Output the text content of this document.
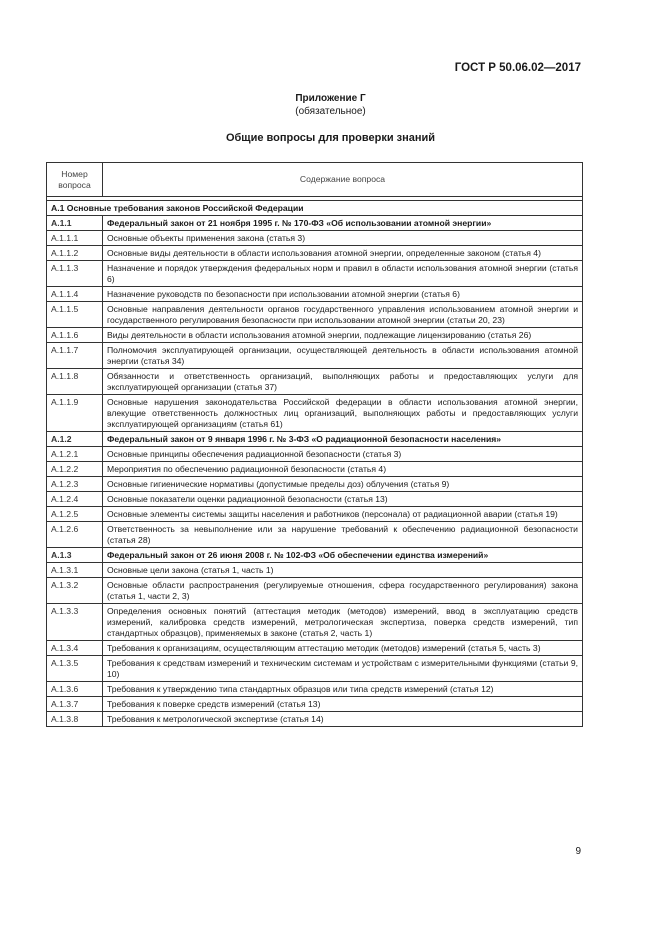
ГОСТ Р 50.06.02—2017
Приложение Г
(обязательное)
Общие вопросы для проверки знаний
Номер вопроса	Содержание вопроса

А.1 Основные требования законов Российской Федерации	
А.1.1	Федеральный закон от 21 ноября 1995 г. № 170-ФЗ «Об использовании атомной энергии»
А.1.1.1	Основные объекты применения закона (статья 3)
А.1.1.2	Основные виды деятельности в области использования атомной энергии, определенные законом (статья 4)
А.1.1.3	Назначение и порядок утверждения федеральных норм и правил в области использования атомной энергии (статья 6)
А.1.1.4	Назначение руководств по безопасности при использовании атомной энергии (статья 6)
А.1.1.5	Основные направления деятельности органов государственного управления использованием атомной энергии и государственного регулирования безопасности при использовании атомной энергии (статьи 20, 23)
А.1.1.6	Виды деятельности в области использования атомной энергии, подлежащие лицензированию (статья 26)
А.1.1.7	Полномочия эксплуатирующей организации, осуществляющей деятельность в области использования атомной энергии (статья 34)
А.1.1.8	Обязанности и ответственность организаций, выполняющих работы и предоставляющих услуги для эксплуатирующей организации (статья 37)
А.1.1.9	Основные нарушения законодательства Российской федерации в области использования атомной энергии, влекущие ответственность должностных лиц организаций, выполняющих работы и предоставляющих услуги эксплуатирующей организациям (статья 61)
А.1.2	Федеральный закон от 9 января 1996 г. № 3-ФЗ «О радиационной безопасности населения»
А.1.2.1	Основные принципы обеспечения радиационной безопасности (статья 3)
А.1.2.2	Мероприятия по обеспечению радиационной безопасности (статья 4)
А.1.2.3	Основные гигиенические нормативы (допустимые пределы доз) облучения (статья 9)
А.1.2.4	Основные показатели оценки радиационной безопасности (статья 13)
А.1.2.5	Основные элементы системы защиты населения и работников (персонала) от радиационной аварии (статья 19)
А.1.2.6	Ответственность за невыполнение или за нарушение требований к обеспечению радиационной безопасности (статья 28)
А.1.3	Федеральный закон от 26 июня 2008 г. № 102-ФЗ «Об обеспечении единства измерений»
А.1.3.1	Основные цели закона (статья 1, часть 1)
А.1.3.2	Основные области распространения (регулируемые отношения, сфера государственного регулирования) закона (статья 1, части 2, 3)
А.1.3.3	Определения основных понятий (аттестация методик (методов) измерений, ввод в эксплуатацию средств измерений, калибровка средств измерений, метрологическая экспертиза, поверка средств измерений, тип стандартных образцов), применяемых в законе (статья 2, часть 1)
А.1.3.4	Требования к организациям, осуществляющим аттестацию методик (методов) измерений (статья 5, часть 3)
А.1.3.5	Требования к средствам измерений и техническим системам и устройствам с измерительными функциями (статьи 9, 10)
А.1.3.6	Требования к утверждению типа стандартных образцов или типа средств измерений (статья 12)
А.1.3.7	Требования к поверке средств измерений (статья 13)
А.1.3.8	Требования к метрологической экспертизе (статья 14)
9
